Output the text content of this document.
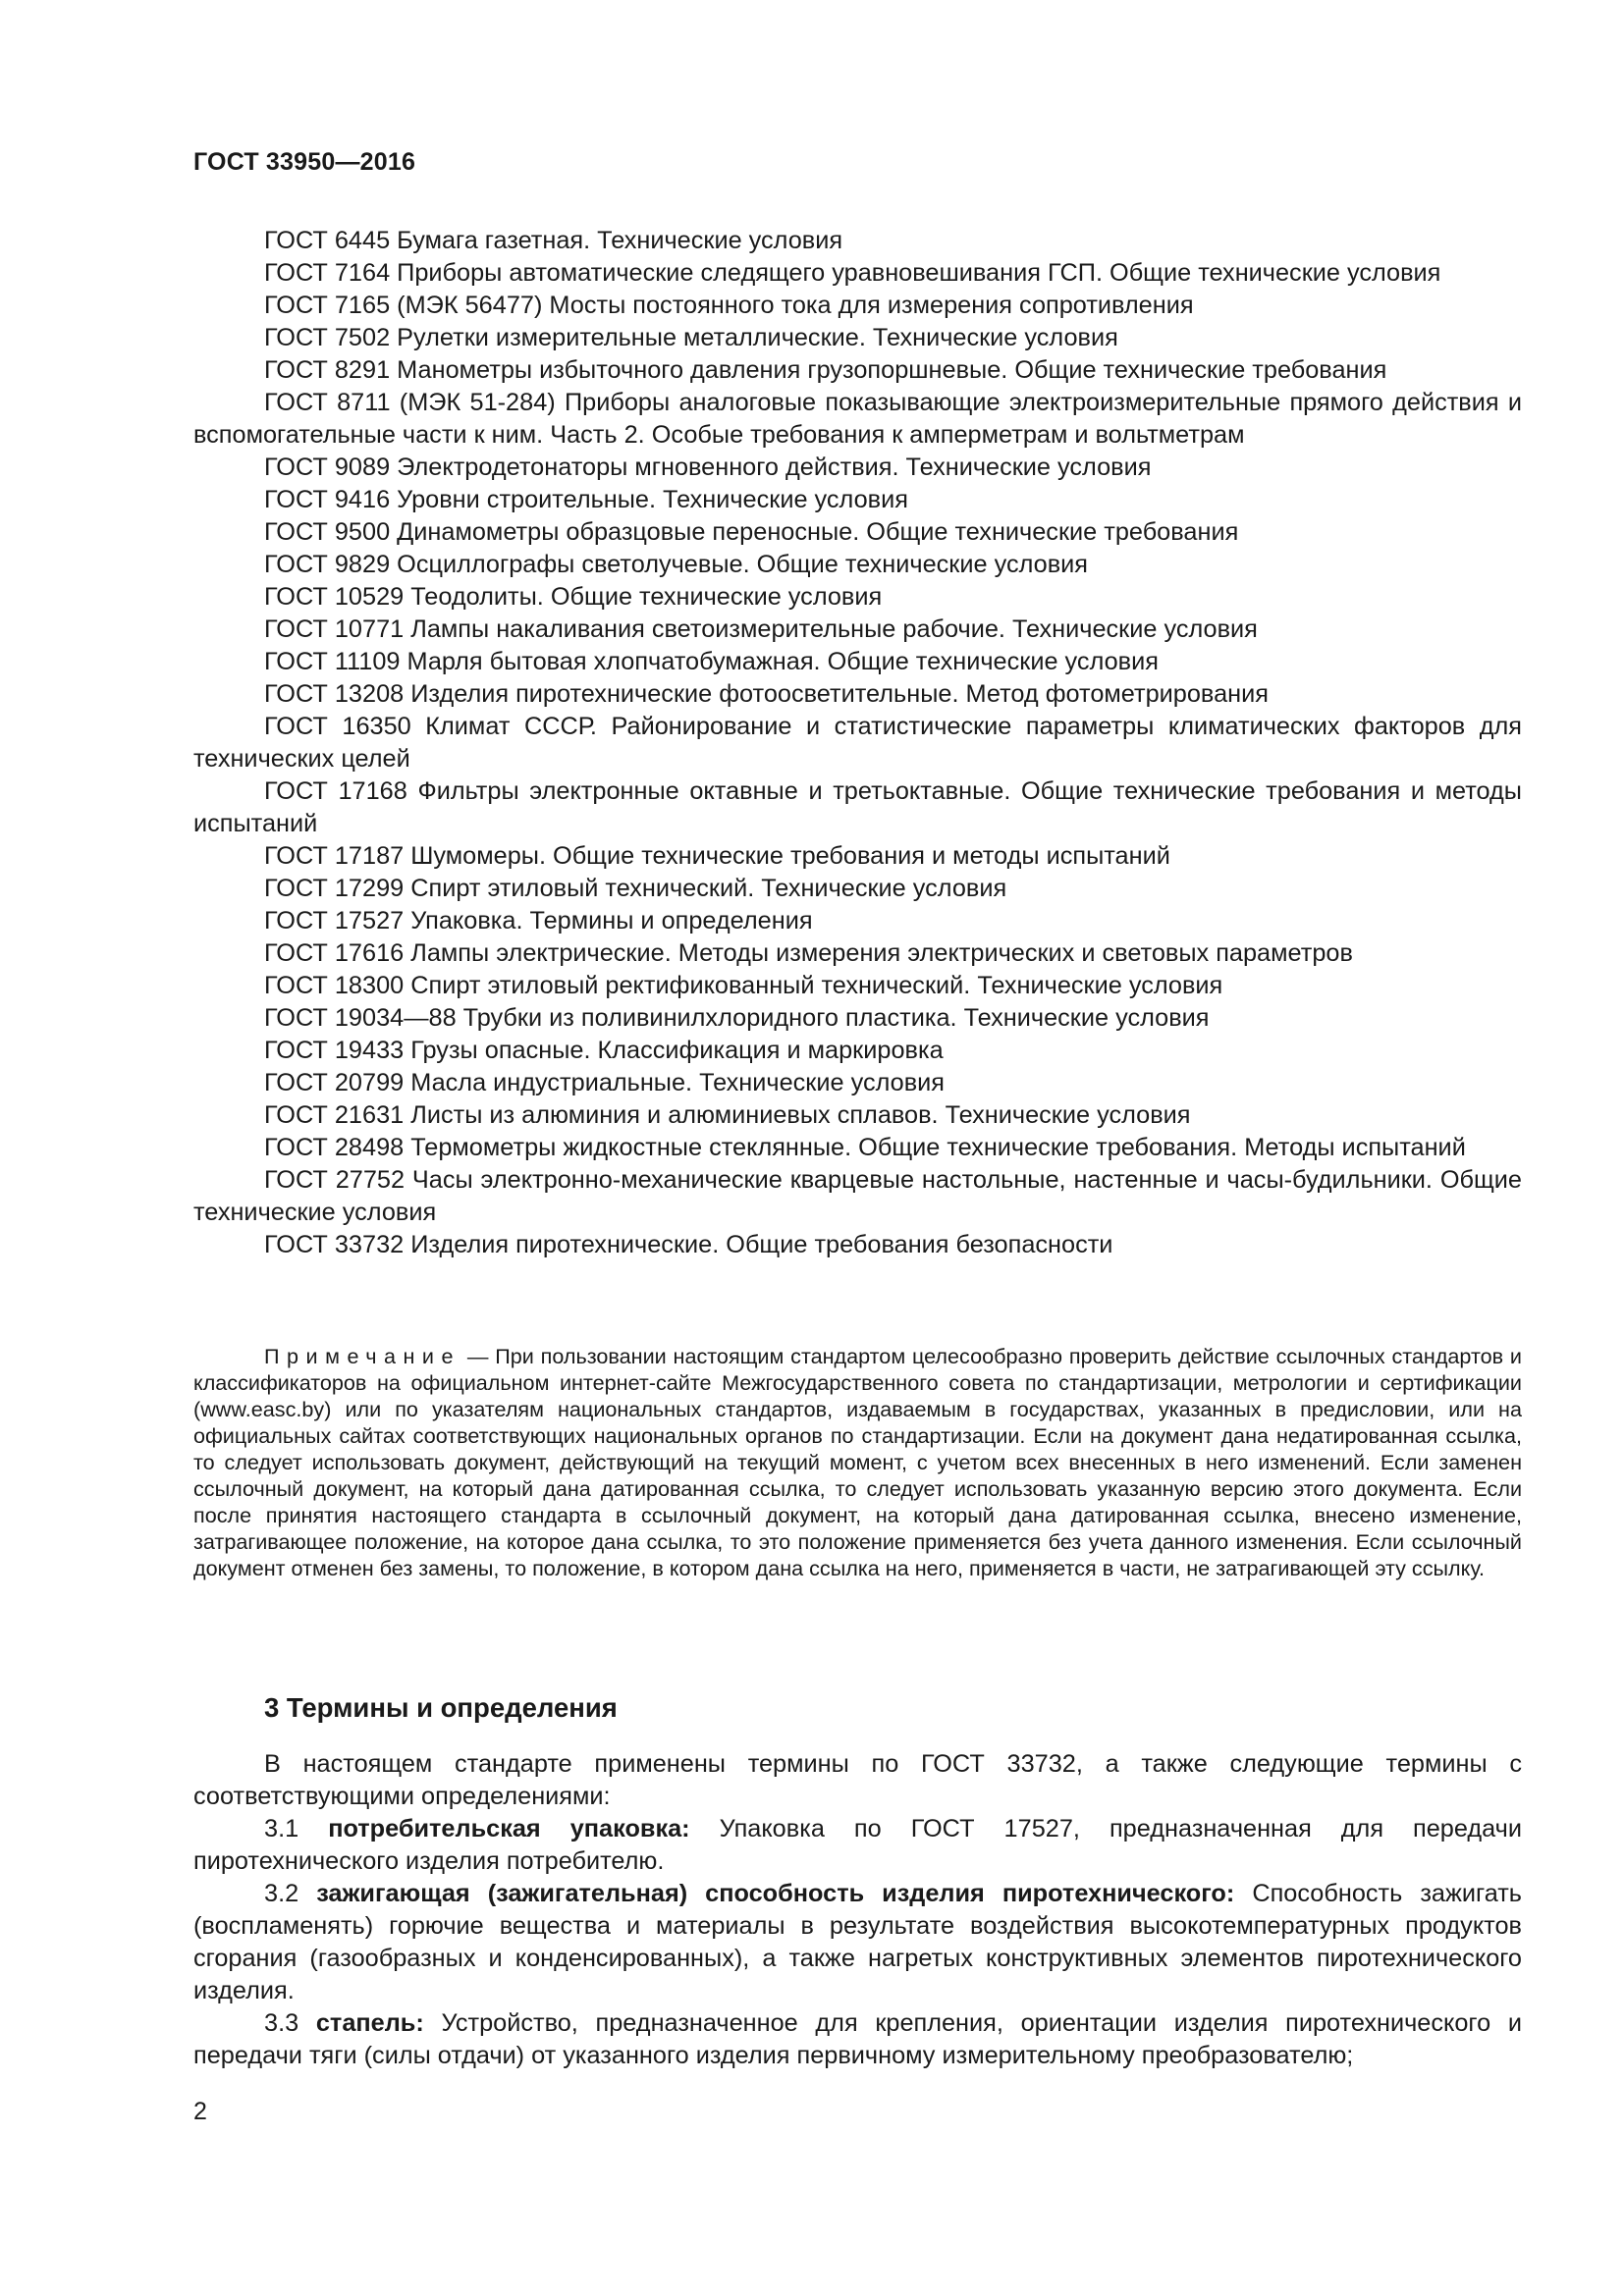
ГОСТ 33950—2016

ГОСТ 6445 Бумага газетная. Технические условия

ГОСТ 7164 Приборы автоматические следящего уравновешивания ГСП. Общие технические условия

ГОСТ 7165 (МЭК 56477) Мосты постоянного тока для измерения сопротивления

ГОСТ 7502 Рулетки измерительные металлические. Технические условия

ГОСТ 8291 Манометры избыточного давления грузопоршневые. Общие технические требования

ГОСТ 8711 (МЭК 51-284) Приборы аналоговые показывающие электроизмерительные прямого действия и вспомогательные части к ним. Часть 2. Особые требования к амперметрам и вольтметрам

ГОСТ 9089 Электродетонаторы мгновенного действия. Технические условия

ГОСТ 9416 Уровни строительные. Технические условия

ГОСТ 9500 Динамометры образцовые переносные. Общие технические требования

ГОСТ 9829 Осциллографы светолучевые. Общие технические условия

ГОСТ 10529 Теодолиты. Общие технические условия

ГОСТ 10771 Лампы накаливания светоизмерительные рабочие. Технические условия

ГОСТ 11109 Марля бытовая хлопчатобумажная. Общие технические условия

ГОСТ 13208 Изделия пиротехнические фотоосветительные. Метод фотометрирования

ГОСТ 16350 Климат СССР. Районирование и статистические параметры климатических факторов для технических целей

ГОСТ 17168 Фильтры электронные октавные и третьоктавные. Общие технические требования и методы испытаний

ГОСТ 17187 Шумомеры. Общие технические требования и методы испытаний

ГОСТ 17299 Спирт этиловый технический. Технические условия

ГОСТ 17527 Упаковка. Термины и определения

ГОСТ 17616 Лампы электрические. Методы измерения электрических и световых параметров

ГОСТ 18300 Спирт этиловый ректификованный технический. Технические условия

ГОСТ 19034—88 Трубки из поливинилхлоридного пластика. Технические условия

ГОСТ 19433 Грузы опасные. Классификация и маркировка

ГОСТ 20799 Масла индустриальные. Технические условия

ГОСТ 21631 Листы из алюминия и алюминиевых сплавов. Технические условия

ГОСТ 28498 Термометры жидкостные стеклянные. Общие технические требования. Методы испытаний

ГОСТ 27752 Часы электронно-механические кварцевые настольные, настенные и часы-будильники. Общие технические условия

ГОСТ 33732 Изделия пиротехнические. Общие требования безопасности

Примечание — При пользовании настоящим стандартом целесообразно проверить действие ссылочных стандартов и классификаторов на официальном интернет-сайте Межгосударственного совета по стандартизации, метрологии и сертификации (www.easc.by) или по указателям национальных стандартов, издаваемым в государствах, указанных в предисловии, или на официальных сайтах соответствующих национальных органов по стандартизации. Если на документ дана недатированная ссылка, то следует использовать документ, действующий на текущий момент, с учетом всех внесенных в него изменений. Если заменен ссылочный документ, на который дана датированная ссылка, то следует использовать указанную версию этого документа. Если после принятия настоящего стандарта в ссылочный документ, на который дана датированная ссылка, внесено изменение, затрагивающее положение, на которое дана ссылка, то это положение применяется без учета данного изменения. Если ссылочный документ отменен без замены, то положение, в котором дана ссылка на него, применяется в части, не затрагивающей эту ссылку.

3 Термины и определения

В настоящем стандарте применены термины по ГОСТ 33732, а также следующие термины с соответствующими определениями:

3.1 потребительская упаковка: Упаковка по ГОСТ 17527, предназначенная для передачи пиротехнического изделия потребителю.

3.2 зажигающая (зажигательная) способность изделия пиротехнического: Способность зажигать (воспламенять) горючие вещества и материалы в результате воздействия высокотемпературных продуктов сгорания (газообразных и конденсированных), а также нагретых конструктивных элементов пиротехнического изделия.

3.3 стапель: Устройство, предназначенное для крепления, ориентации изделия пиротехнического и передачи тяги (силы отдачи) от указанного изделия первичному измерительному преобразователю;

2
